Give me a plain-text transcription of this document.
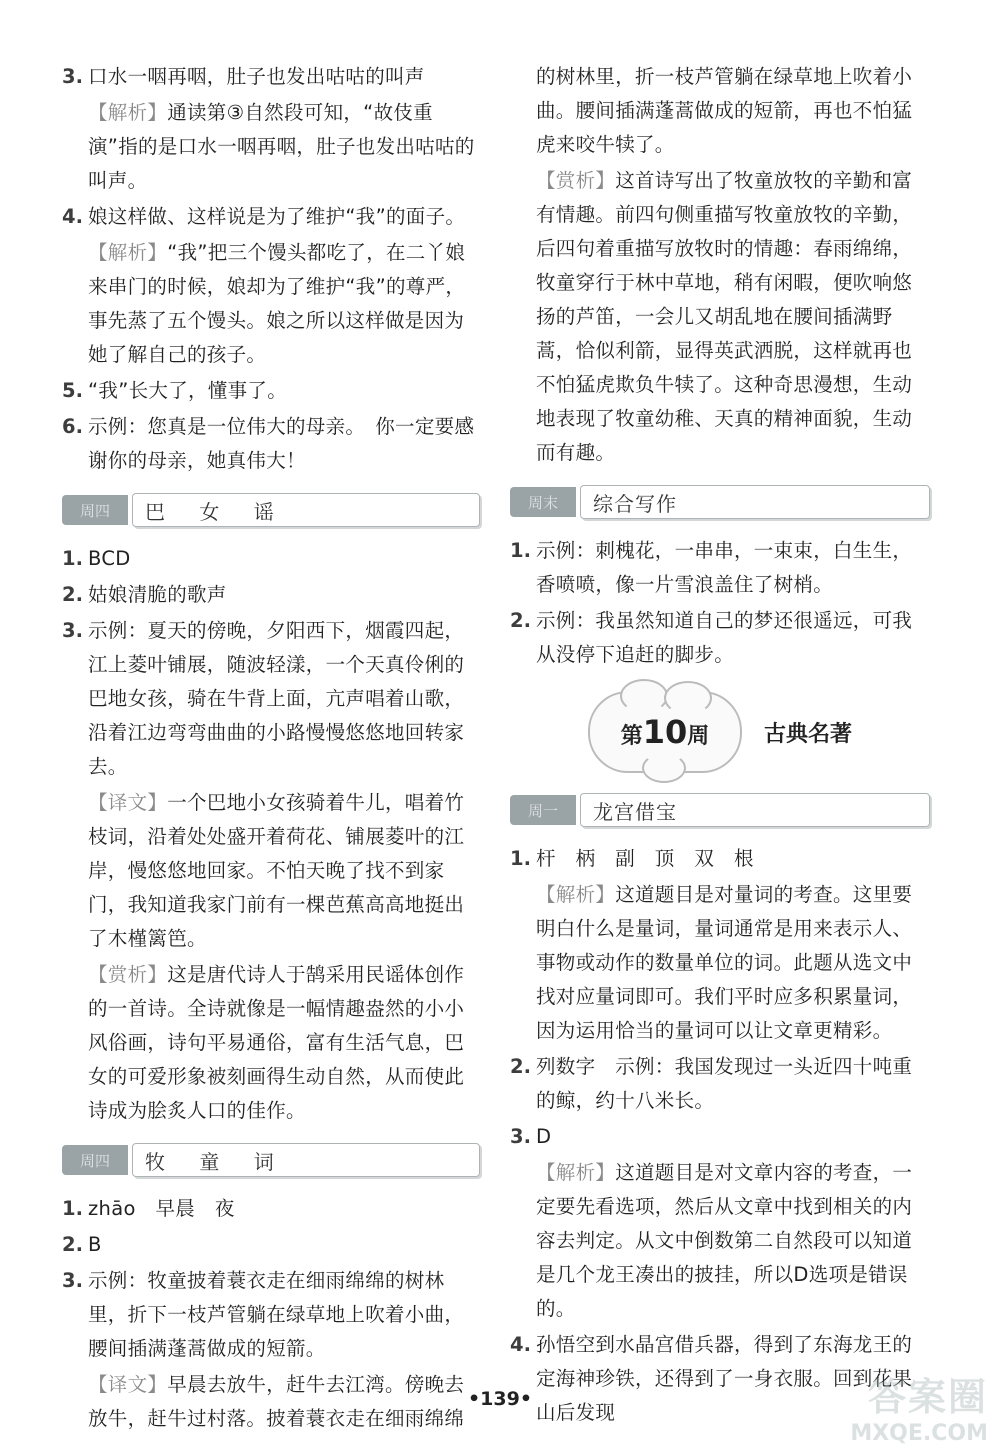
3. 口水一咽再咽，肚子也发出咕咕的叫声
【解析】通读第③自然段可知，“故伎重演”指的是口水一咽再咽，肚子也发出咕咕的叫声。
4. 娘这样做、这样说是为了维护“我”的面子。
【解析】“我”把三个馒头都吃了，在二丫娘来串门的时候，娘却为了维护“我”的尊严，事先蒸了五个馒头。娘之所以这样做是因为她了解自己的孩子。
5. “我”长大了，懂事了。
6. 示例：您真是一位伟大的母亲。　你一定要感谢你的母亲，她真伟大！
周四	巴 女 谣
1. BCD
2. 姑娘清脆的歌声
3. 示例：夏天的傍晚，夕阳西下，烟霞四起，江上菱叶铺展，随波轻漾，一个天真伶俐的巴地女孩，骑在牛背上面，亢声唱着山歌，沿着江边弯弯曲曲的小路慢慢悠悠地回转家去。
【译文】一个巴地小女孩骑着牛儿，唱着竹枝词，沿着处处盛开着荷花、铺展菱叶的江岸，慢悠悠地回家。不怕天晚了找不到家门，我知道我家门前有一棵芭蕉高高地挺出了木槿篱笆。
【赏析】这是唐代诗人于鹄采用民谣体创作的一首诗。全诗就像是一幅情趣盎然的小小风俗画，诗句平易通俗，富有生活气息，巴女的可爱形象被刻画得生动自然，从而使此诗成为脍炙人口的佳作。
周四	牧 童 词
1. zhāo　早晨　夜
2. B
3. 示例：牧童披着蓑衣走在细雨绵绵的树林里，折下一枝芦管躺在绿草地上吹着小曲，腰间插满蓬蒿做成的短箭。
【译文】早晨去放牛，赶牛去江湾。傍晚去放牛，赶牛过村落。披着蓑衣走在细雨绵绵
的树林里，折一枝芦管躺在绿草地上吹着小曲。腰间插满蓬蒿做成的短箭，再也不怕猛虎来咬牛犊了。
【赏析】这首诗写出了牧童放牧的辛勤和富有情趣。前四句侧重描写牧童放牧的辛勤，后四句着重描写放牧时的情趣：春雨绵绵，牧童穿行于林中草地，稍有闲暇，便吹响悠扬的芦笛，一会儿又胡乱地在腰间插满野蒿，恰似利箭，显得英武洒脱，这样就再也不怕猛虎欺负牛犊了。这种奇思漫想，生动地表现了牧童幼稚、天真的精神面貌，生动而有趣。
周末	综合写作
1. 示例：刺槐花，一串串，一束束，白生生，香喷喷，像一片雪浪盖住了树梢。
2. 示例：我虽然知道自己的梦还很遥远，可我从没停下追赶的脚步。
第10周 古典名著
周一	龙宫借宝
1. 杆　柄　副　顶　双　根
【解析】这道题目是对量词的考查。这里要明白什么是量词，量词通常是用来表示人、事物或动作的数量单位的词。此题从选文中找对应量词即可。我们平时应多积累量词，因为运用恰当的量词可以让文章更精彩。
2. 列数字　示例：我国发现过一头近四十吨重的鲸，约十八米长。
3. D
【解析】这道题目是对文章内容的考查，一定要先看选项，然后从文章中找到相关的内容去判定。从文中倒数第二自然段可以知道是几个龙王凑出的披挂，所以D选项是错误的。
4. 孙悟空到水晶宫借兵器，得到了东海龙王的定海神珍铁，还得到了一身衣服。回到花果山后发现
•139•	答案圈
MXQE.COM
